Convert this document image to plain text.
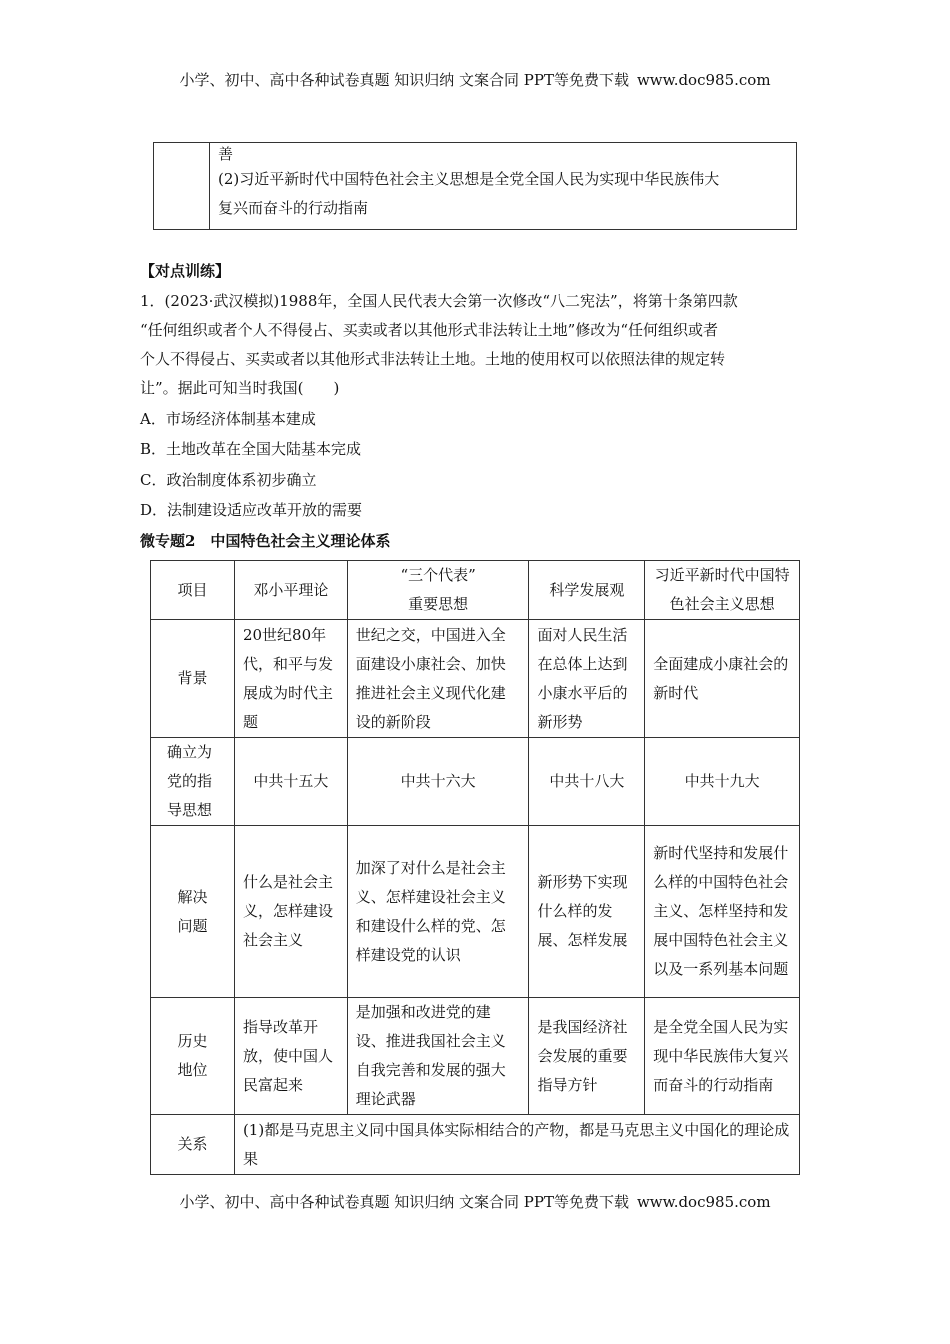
小学、初中、高中各种试卷真题 知识归纳 文案合同 PPT等免费下载 www.doc985.com

善
(2)习近平新时代中国特色社会主义思想是全党全国人民为实现中华民族伟大
复兴而奋斗的行动指南
【对点训练】
1．(2023·武汉模拟)1988年，全国人民代表大会第一次修改“八二宪法”，将第十条第四款
“任何组织或者个人不得侵占、买卖或者以其他形式非法转让土地”修改为“任何组织或者
个人不得侵占、买卖或者以其他形式非法转让土地。土地的使用权可以依照法律的规定转
让”。据此可知当时我国(　　)
A．市场经济体制基本建成
B．土地改革在全国大陆基本完成
C．政治制度体系初步确立
D．法制建设适应改革开放的需要
微专题2　中国特色社会主义理论体系
项目	邓小平理论	“三个代表”
重要思想	科学发展观	习近平新时代中国特色社会主义思想
背景	20世纪80年代，和平与发展成为时代主题	世纪之交，中国进入全面建设小康社会、加快推进社会主义现代化建设的新阶段	面对人民生活在总体上达到小康水平后的新形势	全面建成小康社会的新时代
确立为党的指导思想	中共十五大	中共十六大	中共十八大	中共十九大
解决问题	什么是社会主义，怎样建设社会主义	加深了对什么是社会主义、怎样建设社会主义和建设什么样的党、怎样建设党的认识	新形势下实现什么样的发展、怎样发展	新时代坚持和发展什么样的中国特色社会主义、怎样坚持和发展中国特色社会主义以及一系列基本问题
历史地位	指导改革开放，使中国人民富起来	是加强和改进党的建设、推进我国社会主义自我完善和发展的强大理论武器	是我国经济社会发展的重要指导方针	是全党全国人民为实现中华民族伟大复兴而奋斗的行动指南
关系	(1)都是马克思主义同中国具体实际相结合的产物，都是马克思主义中国化的理论成果			
小学、初中、高中各种试卷真题 知识归纳 文案合同 PPT等免费下载 www.doc985.com
